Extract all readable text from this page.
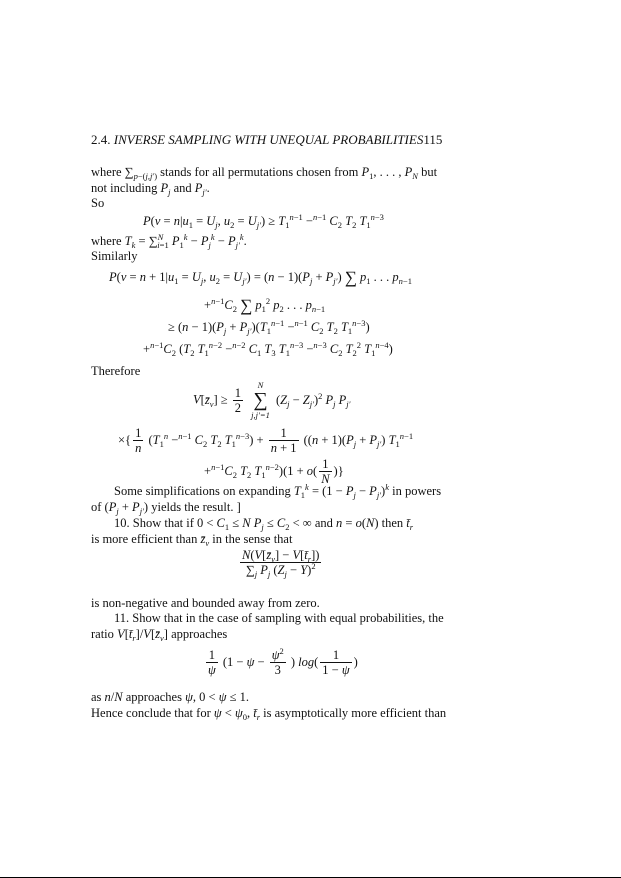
2.4. INVERSE SAMPLING WITH UNEQUAL PROBABILITIES115
where $\sum_{p-(j,j')}$ stands for all permutations chosen from $P_1$, . . . , $P_N$ but
not including $P_j$ and $P_{j'}$.
So
$P(\nu = n|u_1 = U_j$, $u_2 = U_{j'}) \ge T_1^{n-1} -^{n-1}$ $C_2$ $T_2$ $T_1^{n-3}$
where $T_k = \sum^N_{i=1}$ $P_1^k - P_j^k - P_{j'}^k$.
Similarly
$P(\nu = n + 1|u_1 = U_j$, $u_2 = U_{j'}) = (n - 1)(P_j + P_{j'})$ ∑ $p_1$ . . . $p_{n-1}$
$+^{n-1}C_2$ ∑ $p_1^2$ $p_2$ . . . $p_{n-1}$
≥ $(n - 1)(P_j + P_{j'})(T_1^{n-1} -^{n-1}$ $C_2$ $T_2$ $T_1^{n-3}$)
$+^{n-1}C_2$ ($T_2$ $T_1^{n-2} -^{n-2}$ $C_1$ $T_3$ $T_1^{n-3} -^{n-3}$ $C_2$ $T_2^2$ $T_1^{n-4}$)
Therefore
$V[z̄_\nu] \ge \frac{1}{2}$

N
∑
j,j′=1
$(Z_j - Z_{j'})^2$ $P_j$ $P_{j'}$
×{ $\frac{1}{n} (T_1^n -^{n-1}$ $C_2$ $T_2$ $T_1^{n-3}) + \frac{1}{n + 1} ((n + 1)(P_j + P_{j'})$ $T_1^{n-1}$
$+^{n-1}C_2$ $T_2$ $T_1^{n-2})(1 + o( \frac{1}{N}$ )}
Some simplifications on expanding $T_1^k = (1 - P_j - P_{j'})^k$ in powers
of $(P_j + P_{j'})$ yields the result. ]
10. Show that if $0 < C_1 \le N$ $P_j \le C_2$ < ∞ and n = o(N) then $t̄_r$
is more efficient than $z̄_\nu$ in the sense that
$\frac{N(V[z̄_\nu] - V[t̄_r])}{\sum_j P_j (Z_j - Y)^2}$
is non-negative and bounded away from zero.
11. Show that in the case of sampling with equal probabilities, the
ratio $V[t̄_r]/V[z̄_\nu]$ approaches
$\frac{1}{\psi} (1 - \psi - \frac{\psi^2}{3}$ ) $\log( \frac{1}{1 - \psi}$ )
as n/N approaches ψ, 0 < ψ ≤ 1.
Hence conclude that for $\psi < \psi_0$, $t̄_r$ is asymptotically more efficient than
